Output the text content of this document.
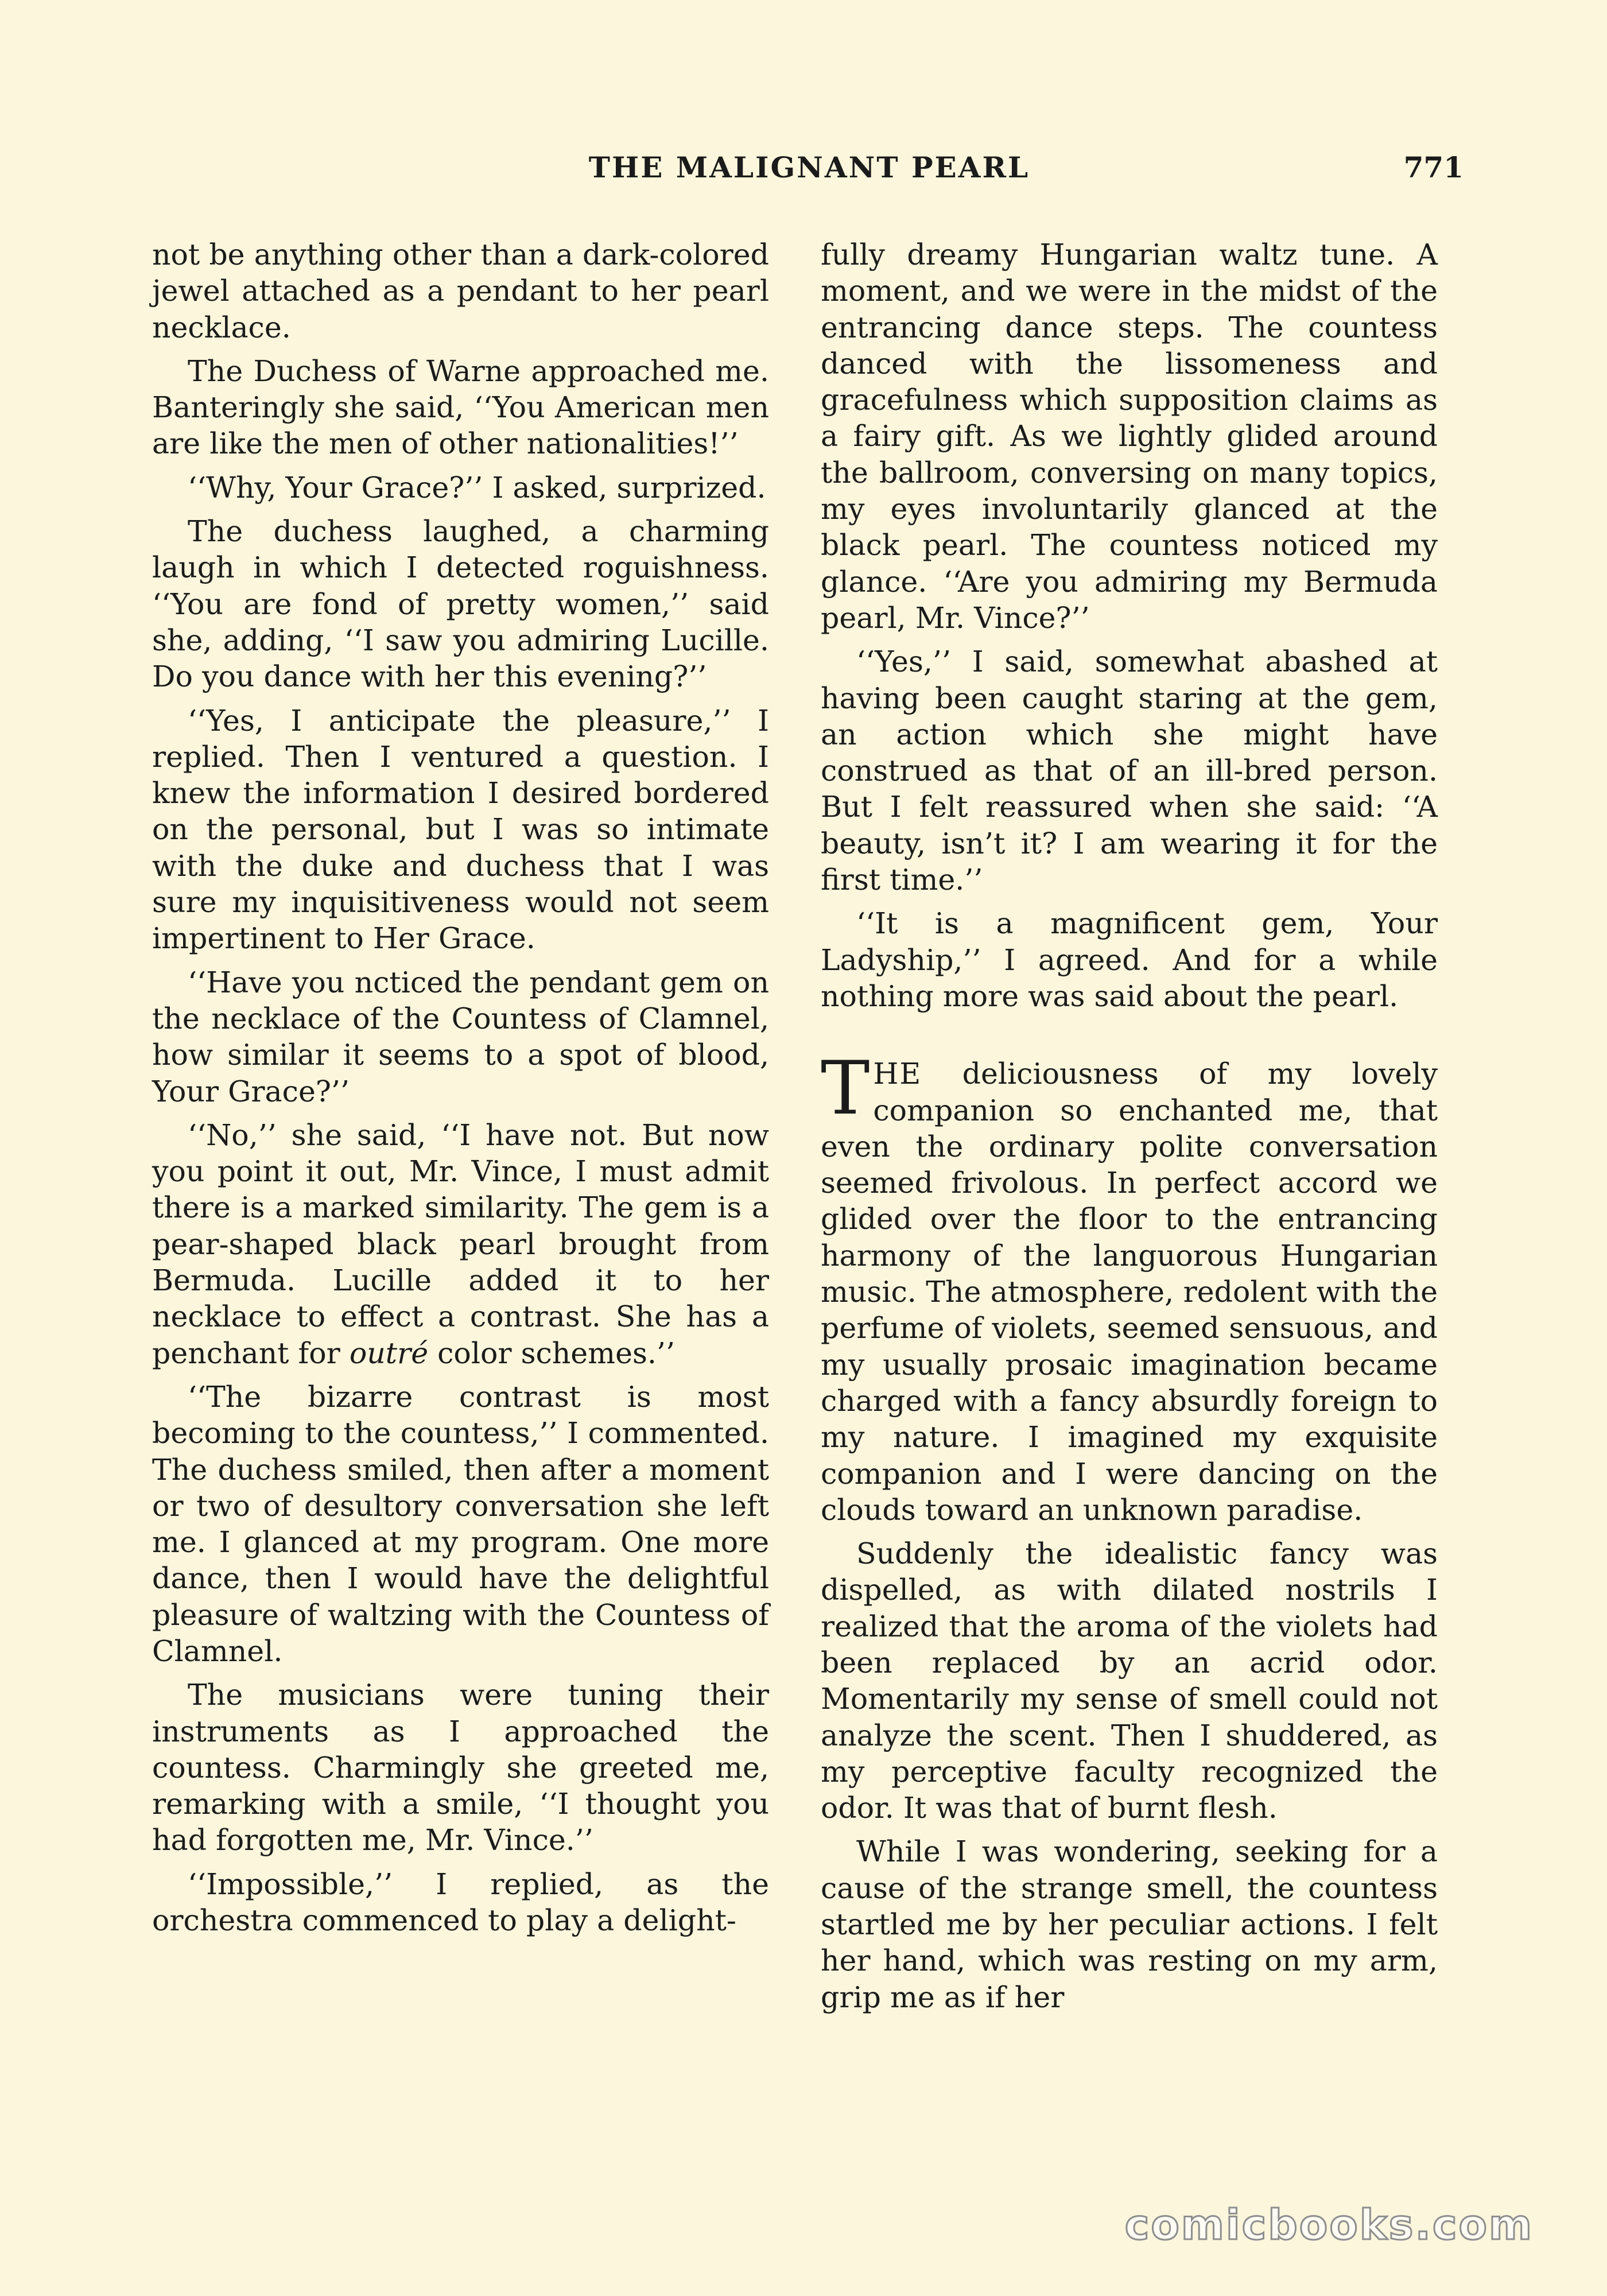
THE MALIGNANT PEARL	771

not be anything other than a dark-colored jewel attached as a pendant to her pearl necklace.

The Duchess of Warne approached me. Banteringly she said, ‘‘You American men are like the men of other nationalities!’’

‘‘Why, Your Grace?’’ I asked, surprized.

The duchess laughed, a charming laugh in which I detected roguishness. ‘‘You are fond of pretty women,’’ said she, adding, ‘‘I saw you admiring Lucille. Do you dance with her this evening?’’

‘‘Yes, I anticipate the pleasure,’’ I replied. Then I ventured a question. I knew the information I desired bordered on the personal, but I was so intimate with the duke and duchess that I was sure my inquisitiveness would not seem impertinent to Her Grace.

‘‘Have you nсticed the pendant gem on the necklace of the Countess of Clamnel, how similar it seems to a spot of blood, Your Grace?’’

‘‘No,’’ she said, ‘‘I have not. But now you point it out, Mr. Vince, I must admit there is a marked similarity. The gem is a pear-shaped black pearl brought from Bermuda. Lucille added it to her necklace to effect a contrast. She has a penchant for outré color schemes.’’

‘‘The bizarre contrast is most becoming to the countess,’’ I commented. The duchess smiled, then after a moment or two of desultory conversation she left me. I glanced at my program. One more dance, then I would have the delightful pleasure of waltzing with the Countess of Clamnel.

The musicians were tuning their instruments as I approached the countess. Charmingly she greeted me, remarking with a smile, ‘‘I thought you had forgotten me, Mr. Vince.’’

‘‘Impossible,’’ I replied, as the orchestra commenced to play a delight-

fully dreamy Hungarian waltz tune. A moment, and we were in the midst of the entrancing dance steps. The countess danced with the lissomeness and gracefulness which supposition claims as a fairy gift. As we lightly glided around the ballroom, conversing on many topics, my eyes involuntarily glanced at the black pearl. The countess noticed my glance. ‘‘Are you admiring my Bermuda pearl, Mr. Vince?’’

‘‘Yes,’’ I said, somewhat abashed at having been caught staring at the gem, an action which she might have construed as that of an ill-bred person. But I felt reassured when she said: ‘‘A beauty, isn’t it? I am wearing it for the first time.’’

‘‘It is a magnificent gem, Your Ladyship,’’ I agreed. And for a while nothing more was said about the pearl.

THE deliciousness of my lovely companion so enchanted me, that even the ordinary polite conversation seemed frivolous. In perfect accord we glided over the floor to the entrancing harmony of the languorous Hungarian music. The atmosphere, redolent with the perfume of violets, seemed sensuous, and my usually prosaic imagination became charged with a fancy absurdly foreign to my nature. I imagined my exquisite companion and I were dancing on the clouds toward an unknown paradise.

Suddenly the idealistic fancy was dispelled, as with dilated nostrils I realized that the aroma of the violets had been replaced by an acrid odor. Momentarily my sense of smell could not analyze the scent. Then I shuddered, as my perceptive faculty recognized the odor. It was that of burnt flesh.

While I was wondering, seeking for a cause of the strange smell, the countess startled me by her peculiar actions. I felt her hand, which was resting on my arm, grip me as if her

comicbooks.com
